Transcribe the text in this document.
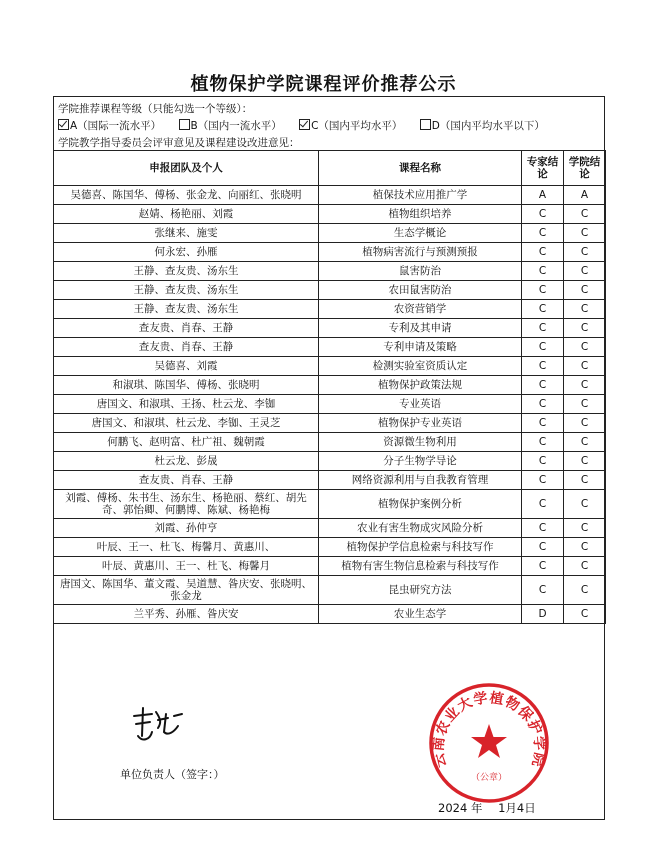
植物保护学院课程评价推荐公示
学院推荐课程等级（只能勾选一个等级）：
A（国际一流水平）	B（国内一流水平）	C（国内平均水平）	D（国内平均水平以下）
学院教学指导委员会评审意见及课程建设改进意见：
申报团队及个人	课程名称	专家结论	学院结论
吴德喜、陈国华、傅杨、张金龙、向丽红、张晓明	植保技术应用推广学	A	A
赵婧、杨艳丽、刘霞	植物组织培养	C	C
张继来、施雯	生态学概论	C	C
何永宏、孙雁	植物病害流行与预测预报	C	C
王静、查友贵、汤东生	鼠害防治	C	C
王静、查友贵、汤东生	农田鼠害防治	C	C
王静、查友贵、汤东生	农资营销学	C	C
查友贵、肖春、王静	专利及其申请	C	C
查友贵、肖春、王静	专利申请及策略	C	C
吴德喜、刘霞	检测实验室资质认定	C	C
和淑琪、陈国华、傅杨、张晓明	植物保护政策法规	C	C
唐国文、和淑琪、王扬、杜云龙、李铷	专业英语	C	C
唐国文、和淑琪、杜云龙、李铷、王灵芝	植物保护专业英语	C	C
何鹏飞、赵明富、杜广祖、魏朝霞	资源微生物利用	C	C
杜云龙、彭晟	分子生物学导论	C	C
查友贵、肖春、王静	网络资源利用与自我教育管理	C	C
刘霞、傅杨、朱书生、汤东生、杨艳丽、蔡红、胡先奇、郭怡卿、何鹏博、陈斌、杨艳梅	植物保护案例分析	C	C
刘霞、孙仲亨	农业有害生物成灾风险分析	C	C
叶辰、王一、杜飞、梅馨月、黄惠川、	植物保护学信息检索与科技写作	C	C
叶辰、黄惠川、王一、杜飞、梅馨月	植物有害生物信息检索与科技写作	C	C
唐国文、陈国华、董文霞、吴道慧、昝庆安、张晓明、张金龙	昆虫研究方法	C	C
兰平秀、孙雁、昝庆安	农业生态学	D	C
单位负责人（签字：）
2024 年 1月4日
云南农业大学植物保护学院
（公章）
